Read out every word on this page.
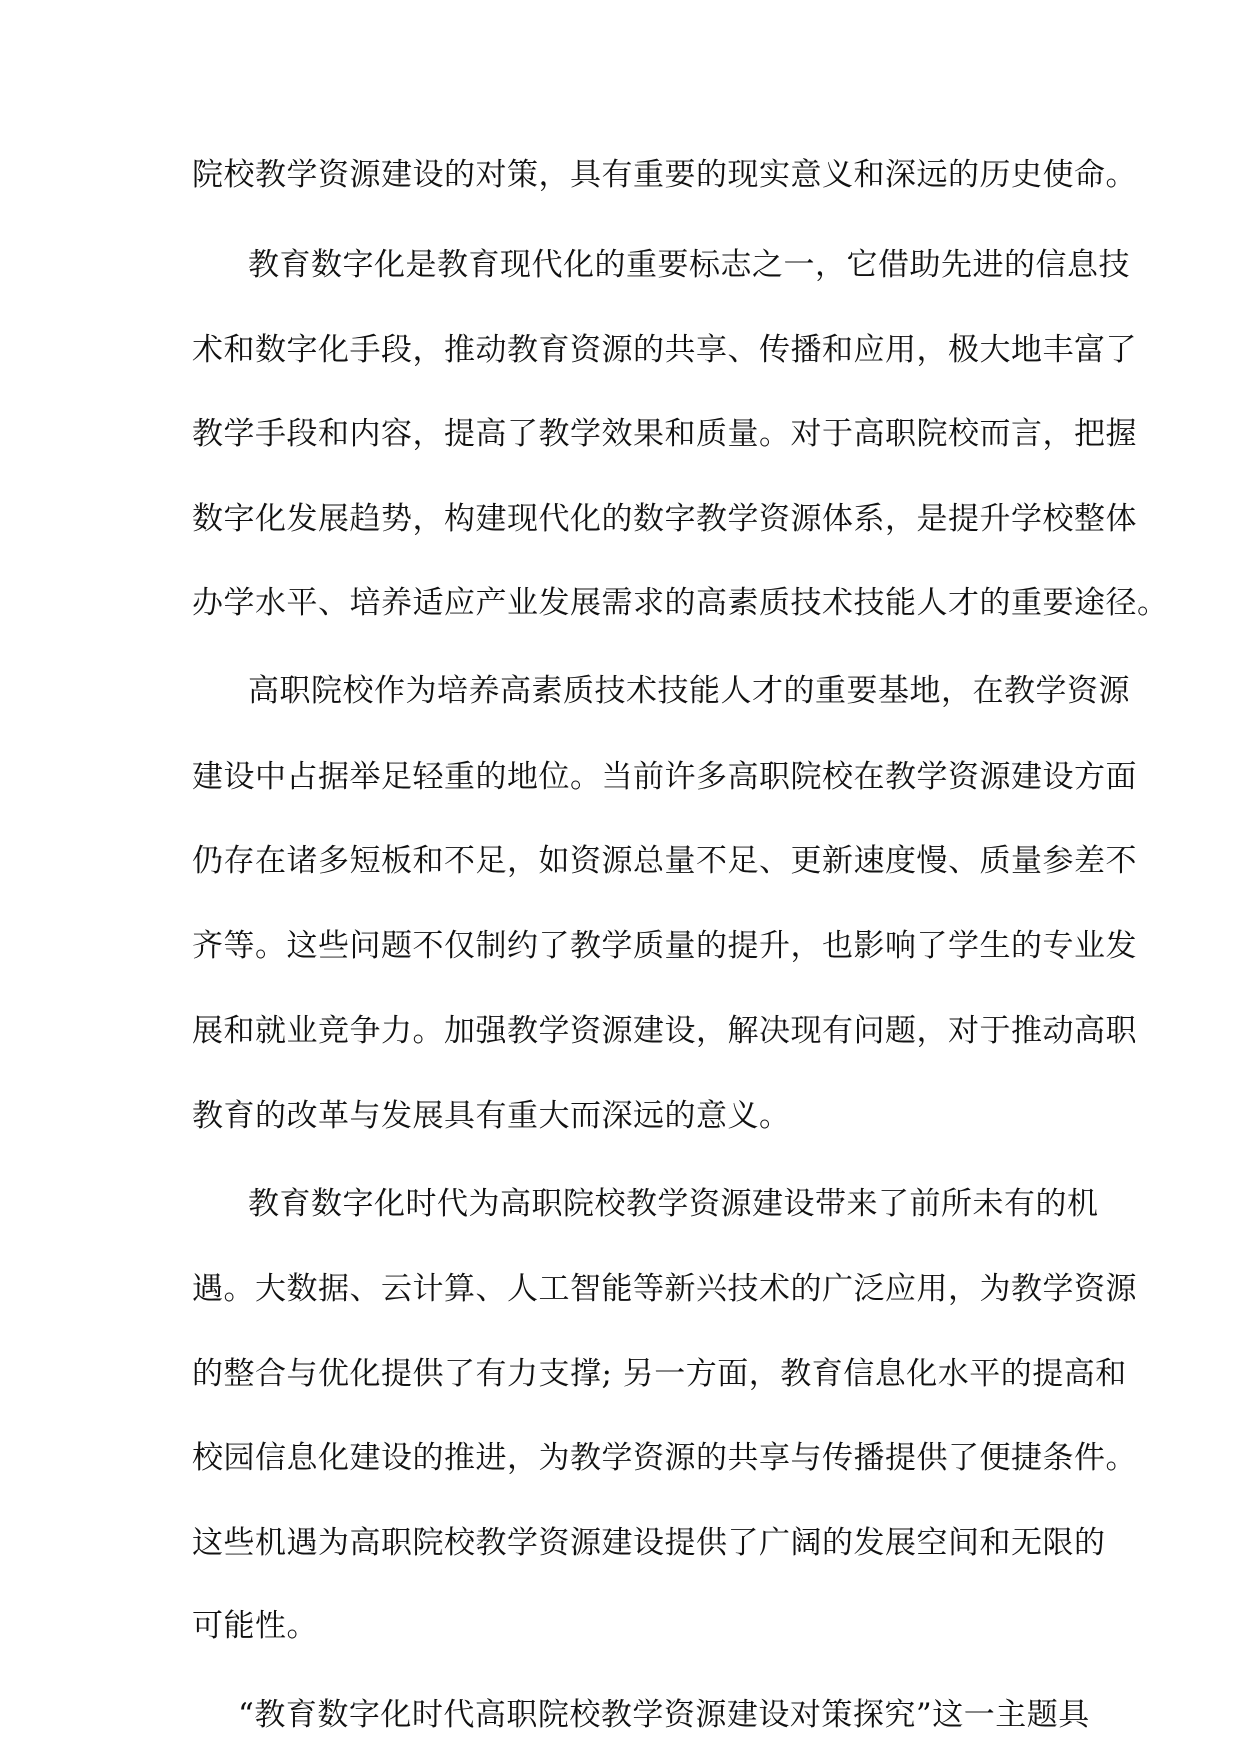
院校教学资源建设的对策，具有重要的现实意义和深远的历史使命。
教育数字化是教育现代化的重要标志之一，它借助先进的信息技
术和数字化手段，推动教育资源的共享、传播和应用，极大地丰富了
教学手段和内容，提高了教学效果和质量。对于高职院校而言，把握
数字化发展趋势，构建现代化的数字教学资源体系，是提升学校整体
办学水平、培养适应产业发展需求的高素质技术技能人才的重要途径。
高职院校作为培养高素质技术技能人才的重要基地，在教学资源
建设中占据举足轻重的地位。当前许多高职院校在教学资源建设方面
仍存在诸多短板和不足，如资源总量不足、更新速度慢、质量参差不
齐等。这些问题不仅制约了教学质量的提升，也影响了学生的专业发
展和就业竞争力。加强教学资源建设，解决现有问题，对于推动高职
教育的改革与发展具有重大而深远的意义。
教育数字化时代为高职院校教学资源建设带来了前所未有的机
遇。大数据、云计算、人工智能等新兴技术的广泛应用，为教学资源
的整合与优化提供了有力支撑; 另一方面，教育信息化水平的提高和
校园信息化建设的推进，为教学资源的共享与传播提供了便捷条件。
这些机遇为高职院校教学资源建设提供了广阔的发展空间和无限的
可能性。
“教育数字化时代高职院校教学资源建设对策探究”这一主题具
